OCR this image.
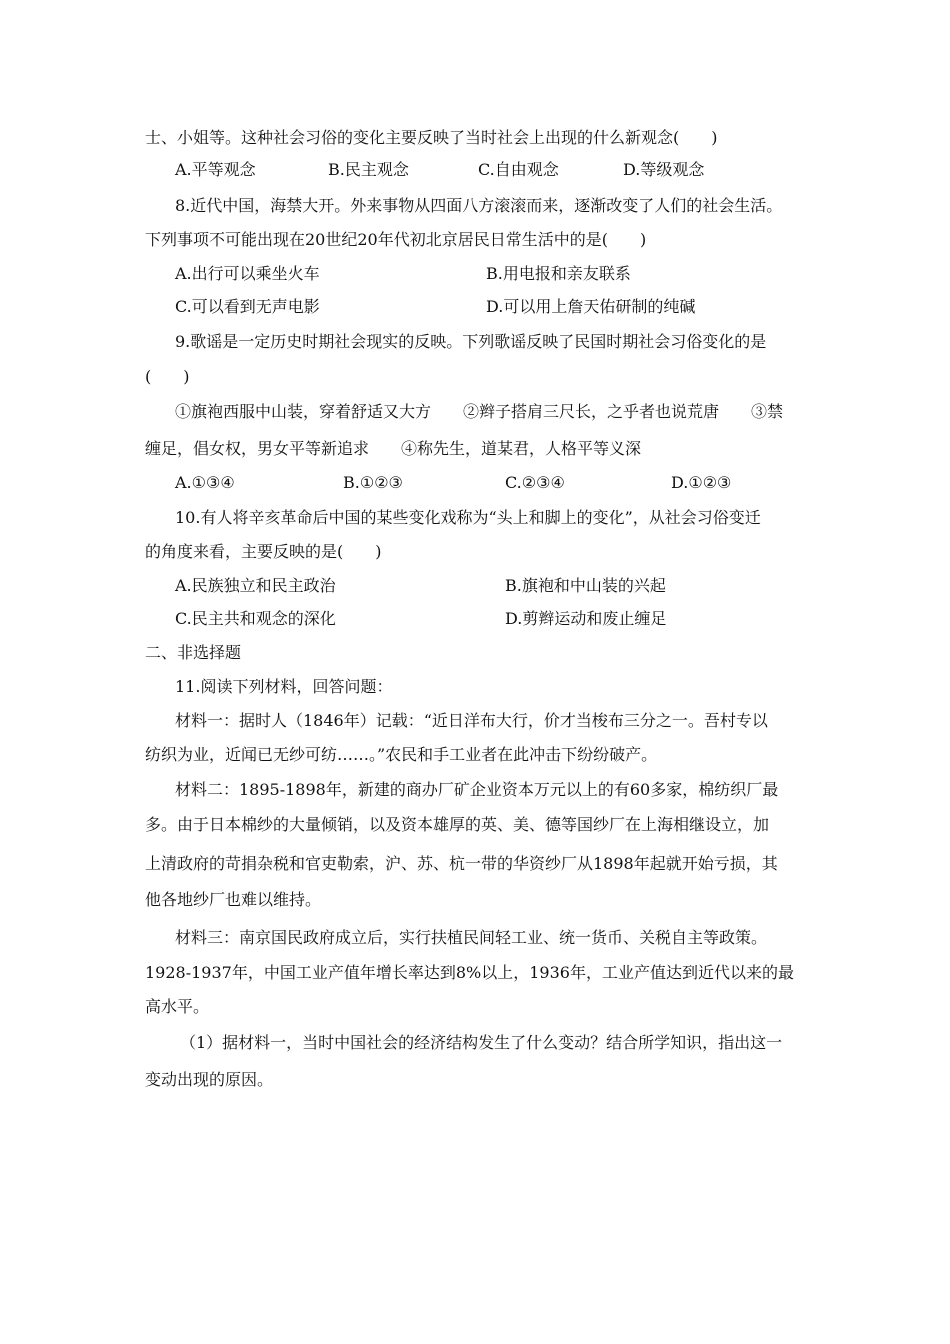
士、小姐等。这种社会习俗的变化主要反映了当时社会上出现的什么新观念(　　)
A.平等观念	B.民主观念	C.自由观念	D.等级观念
8.近代中国，海禁大开。外来事物从四面八方滚滚而来，逐渐改变了人们的社会生活。
下列事项不可能出现在20世纪20年代初北京居民日常生活中的是(　　)
A.出行可以乘坐火车	B.用电报和亲友联系
C.可以看到无声电影	D.可以用上詹天佑研制的纯碱
9.歌谣是一定历史时期社会现实的反映。下列歌谣反映了民国时期社会习俗变化的是
(　　)
①旗袍西服中山装，穿着舒适又大方　　②辫子搭肩三尺长，之乎者也说荒唐　　③禁
缠足，倡女权，男女平等新追求　　④称先生，道某君，人格平等义深
A.①③④	B.①②③	C.②③④	D.①②③
10.有人将辛亥革命后中国的某些变化戏称为“头上和脚上的变化”，从社会习俗变迁
的角度来看，主要反映的是(　　)
A.民族独立和民主政治	B.旗袍和中山装的兴起
C.民主共和观念的深化	D.剪辫运动和废止缠足
二、非选择题
11.阅读下列材料，回答问题：
材料一：据时人（1846年）记载：“近日洋布大行，价才当梭布三分之一。吾村专以
纺织为业，近闻已无纱可纺……。”农民和手工业者在此冲击下纷纷破产。
材料二：1895-1898年，新建的商办厂矿企业资本万元以上的有60多家，棉纺织厂最
多。由于日本棉纱的大量倾销，以及资本雄厚的英、美、德等国纱厂在上海相继设立，加
上清政府的苛捐杂税和官吏勒索，沪、苏、杭一带的华资纱厂从1898年起就开始亏损，其
他各地纱厂也难以维持。
材料三：南京国民政府成立后，实行扶植民间轻工业、统一货币、关税自主等政策。
1928-1937年，中国工业产值年增长率达到8%以上，1936年，工业产值达到近代以来的最
高水平。
（1）据材料一，当时中国社会的经济结构发生了什么变动？结合所学知识，指出这一
变动出现的原因。
